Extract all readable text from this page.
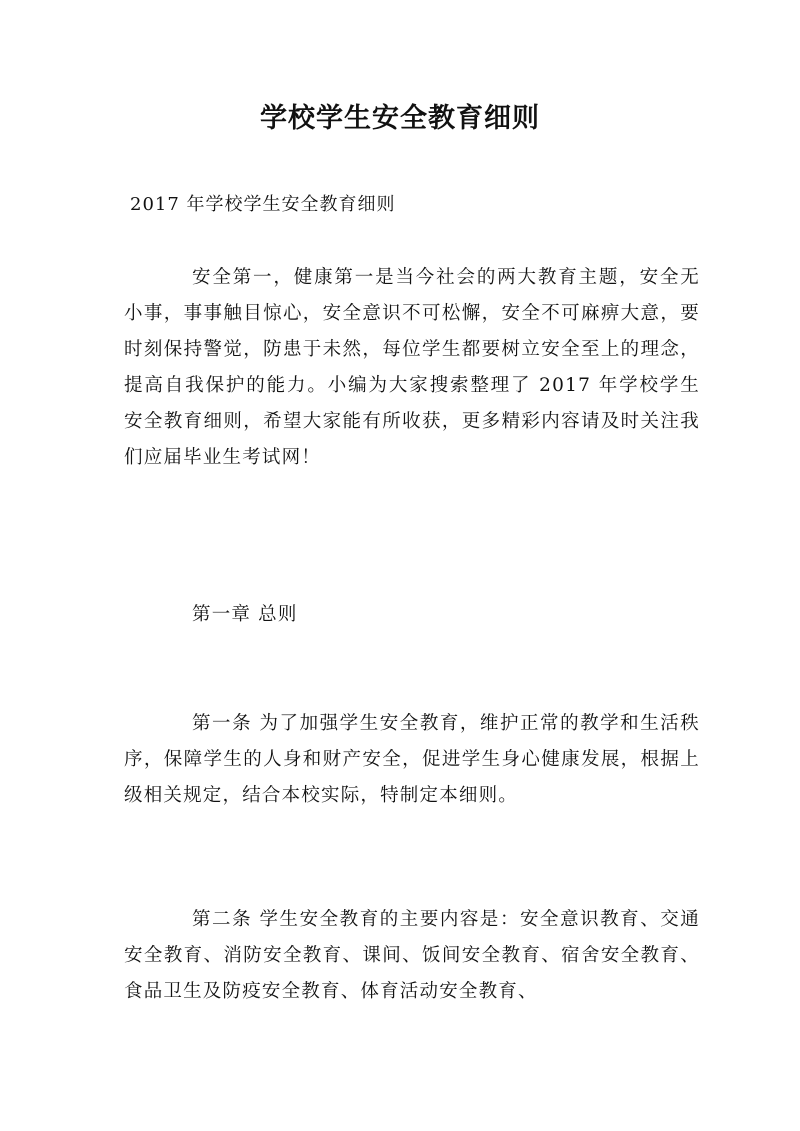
学校学生安全教育细则
2017 年学校学生安全教育细则

安全第一，健康第一是当今社会的两大教育主题，安全无小事，事事触目惊心，安全意识不可松懈，安全不可麻痹大意，要时刻保持警觉，防患于未然，每位学生都要树立安全至上的理念，提高自我保护的能力。小编为大家搜索整理了 2017 年学校学生安全教育细则，希望大家能有所收获，更多精彩内容请及时关注我们应届毕业生考试网！

第一章 总则

第一条 为了加强学生安全教育，维护正常的教学和生活秩序，保障学生的人身和财产安全，促进学生身心健康发展，根据上级相关规定，结合本校实际，特制定本细则。

第二条 学生安全教育的主要内容是：安全意识教育、交通安全教育、消防安全教育、课间、饭间安全教育、宿舍安全教育、食品卫生及防疫安全教育、体育活动安全教育、
